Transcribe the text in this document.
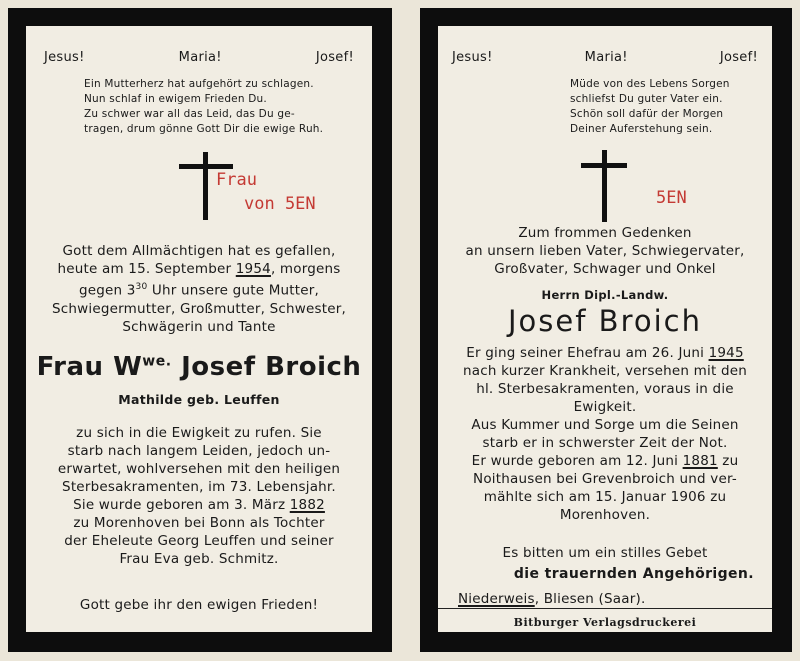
Jesus!	Maria!	Josef!
Ein Mutterherz hat aufgehört zu schlagen.
Nun schlaf in ewigem Frieden Du.
Zu schwer war all das Leid, das Du ge-
tragen, drum gönne Gott Dir die ewige Ruh.
Frau
von 5EN
Gott dem Allmächtigen hat es gefallen,
heute am 15. September 1954, morgens
gegen $3^{30}$ Uhr unsere gute Mutter,
Schwiegermutter, Großmutter, Schwester,
Schwägerin und Tante
Frau $W^{we.}$ Josef Broich
Mathilde geb. Leuffen
zu sich in die Ewigkeit zu rufen. Sie
starb nach langem Leiden, jedoch un-
erwartet, wohlversehen mit den heiligen
Sterbesakramenten, im 73. Lebensjahr.
Sie wurde geboren am 3. März 1882
zu Morenhoven bei Bonn als Tochter
der Eheleute Georg Leuffen und seiner
Frau Eva geb. Schmitz.
Gott gebe ihr den ewigen Frieden!
Jesus!	Maria!	Josef!
Müde von des Lebens Sorgen
schliefst Du guter Vater ein.
Schön soll dafür der Morgen
Deiner Auferstehung sein.
5EN
Zum frommen Gedenken
an unsern lieben Vater, Schwiegervater,
Großvater, Schwager und Onkel
Herrn Dipl.-Landw.
Josef Broich
Er ging seiner Ehefrau am 26. Juni 1945
nach kurzer Krankheit, versehen mit den
hl. Sterbesakramenten, voraus in die
Ewigkeit.
Aus Kummer und Sorge um die Seinen
starb er in schwerster Zeit der Not.
Er wurde geboren am 12. Juni 1881 zu
Noithausen bei Grevenbroich und ver-
mählte sich am 15. Januar 1906 zu
Morenhoven.
Es bitten um ein stilles Gebet
die trauernden Angehörigen.
Niederweis, Bliesen (Saar).
Bitburger Verlagsdruckerei
